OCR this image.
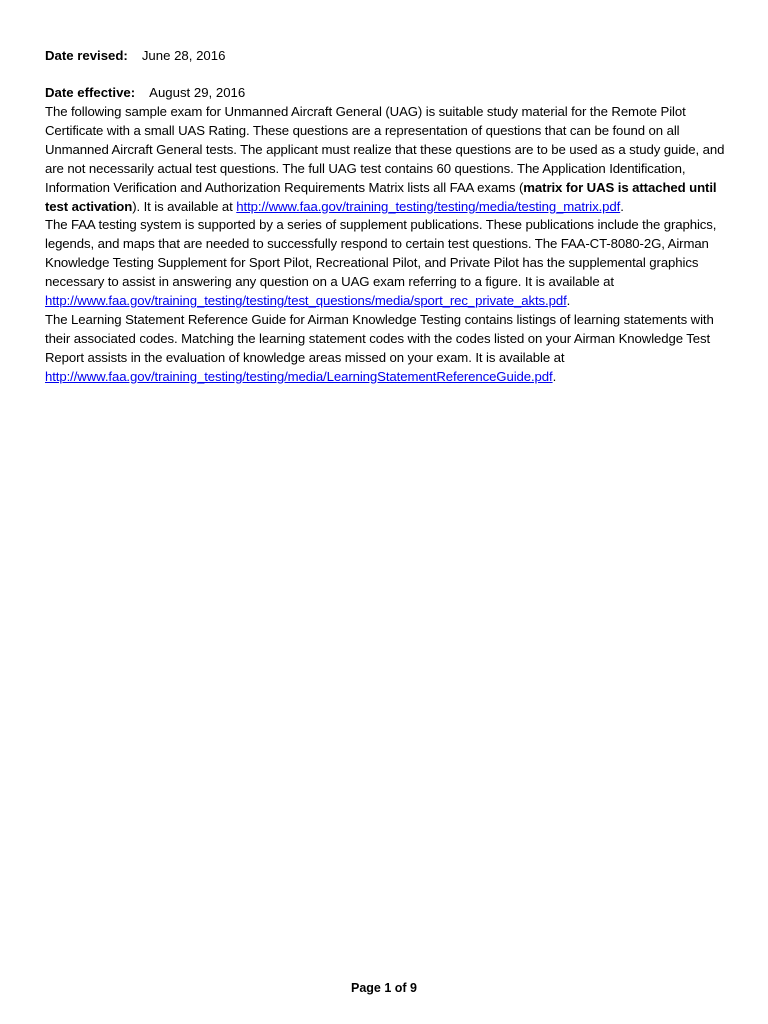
Date revised: June 28, 2016

Date effective: August 29, 2016

The following sample exam for Unmanned Aircraft General (UAG) is suitable study material for the Remote Pilot Certificate with a small UAS Rating. These questions are a representation of questions that can be found on all Unmanned Aircraft General tests. The applicant must realize that these questions are to be used as a study guide, and are not necessarily actual test questions. The full UAG test contains 60 questions. The Application Identification, Information Verification and Authorization Requirements Matrix lists all FAA exams (matrix for UAS is attached until test activation). It is available at http://www.faa.gov/training_testing/testing/media/testing_matrix.pdf.

The FAA testing system is supported by a series of supplement publications. These publications include the graphics, legends, and maps that are needed to successfully respond to certain test questions. The FAA-CT-8080-2G, Airman Knowledge Testing Supplement for Sport Pilot, Recreational Pilot, and Private Pilot has the supplemental graphics necessary to assist in answering any question on a UAG exam referring to a figure. It is available at http://www.faa.gov/training_testing/testing/test_questions/media/sport_rec_private_akts.pdf.

The Learning Statement Reference Guide for Airman Knowledge Testing contains listings of learning statements with their associated codes. Matching the learning statement codes with the codes listed on your Airman Knowledge Test Report assists in the evaluation of knowledge areas missed on your exam. It is available at http://www.faa.gov/training_testing/testing/media/LearningStatementReferenceGuide.pdf.

Page 1 of 9
